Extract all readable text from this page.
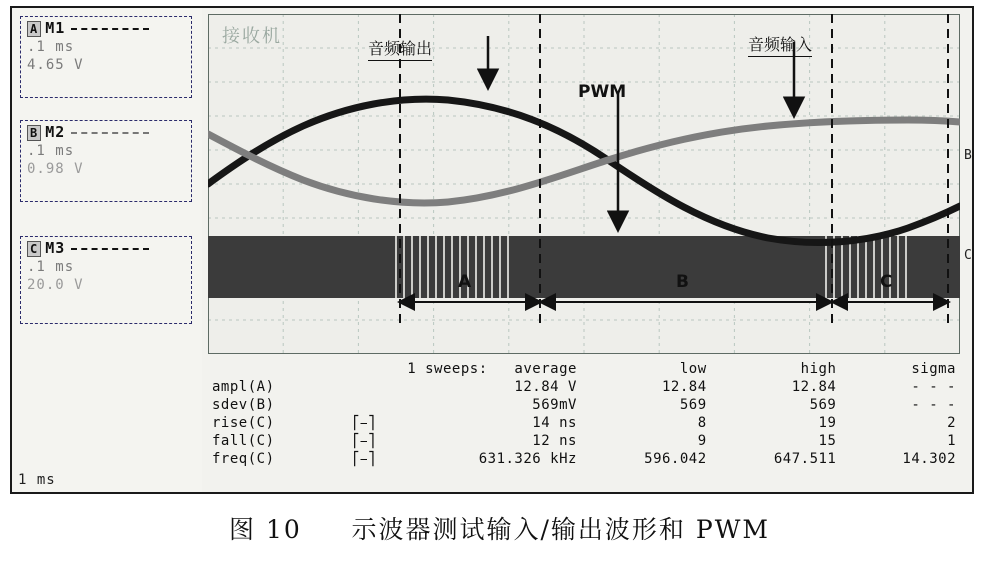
A M1
.1 ms
4.65 V
B M2
.1 ms
0.98 V
C M3
.1 ms
20.0 V
1 ms
音频输出	音频输入
PWM
接收机
A	B	C
B
C
		1 sweeps: average	low	high	sigma
ampl(A)		12.84 V	12.84	12.84	- - -
sdev(B)		569mV	569	569	- - -
rise(C)	⎡⎯⎤	14 ns	8	19	2
fall(C)	⎡⎯⎤	12 ns	9	15	1
freq(C)	⎡⎯⎤	631.326 kHz	596.042	647.511	14.302
图 10 示波器测试输入/输出波形和 PWM
